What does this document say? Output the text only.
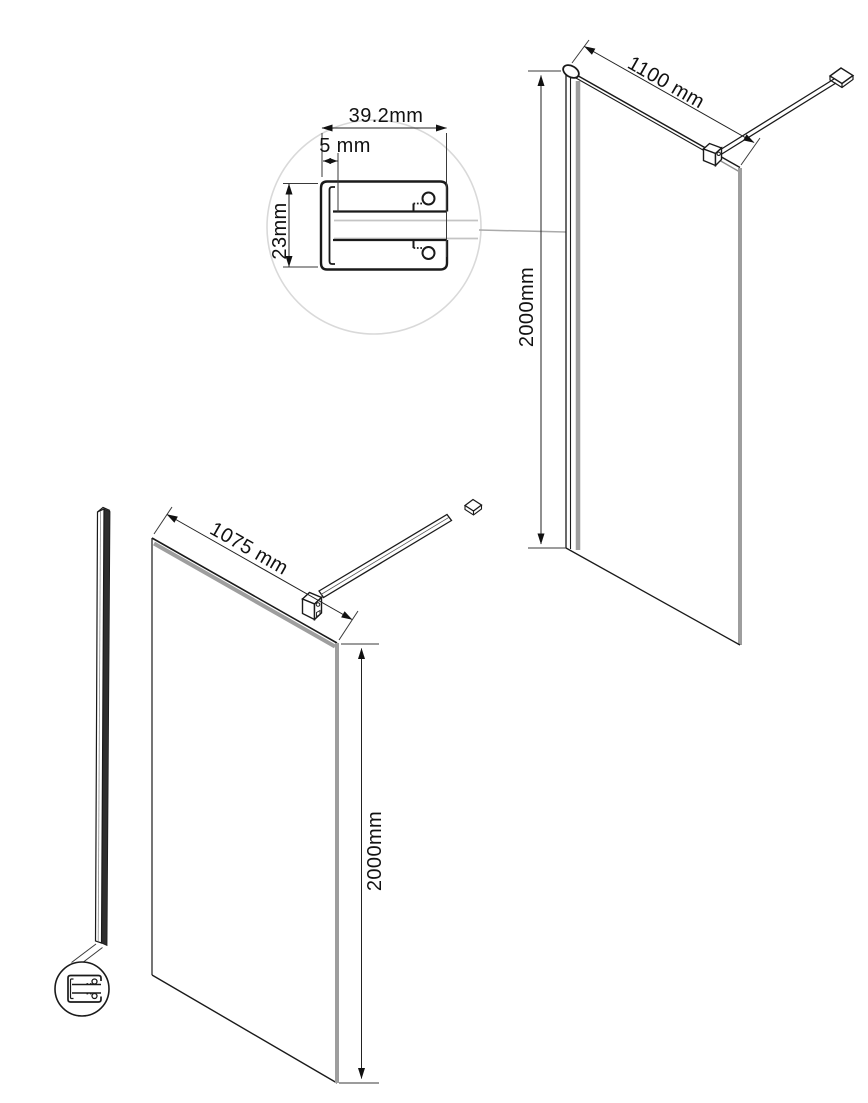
39.2mm
5 mm
23mm
1100 mm
2000mm
1075 mm
2000mm
